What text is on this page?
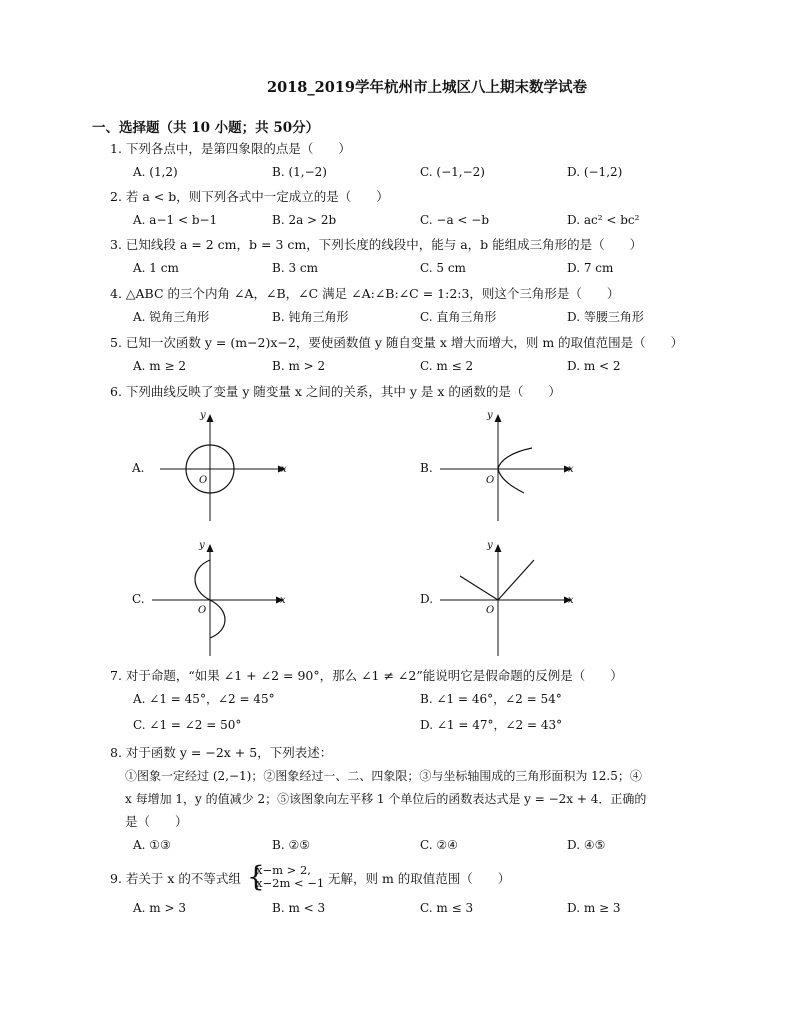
2018_2019学年杭州市上城区八上期末数学试卷
一、选择题（共 10 小题；共 50分）
1. 下列各点中，是第四象限的点是（　　）
A. (1,2)	B. (1,−2)	C. (−1,−2)	D. (−1,2)
2. 若 a < b，则下列各式中一定成立的是（　　）
A. a−1 < b−1	B. 2a > 2b	C. −a < −b	D. ac² < bc²
3. 已知线段 a = 2 cm，b = 3 cm，下列长度的线段中，能与 a，b 能组成三角形的是（　　）
A. 1 cm	B. 3 cm	C. 5 cm	D. 7 cm
4. △ABC 的三个内角 ∠A，∠B，∠C 满足 ∠A:∠B:∠C = 1:2:3，则这个三角形是（　　）
A. 锐角三角形	B. 钝角三角形	C. 直角三角形	D. 等腰三角形
5. 已知一次函数 y = (m−2)x−2，要使函数值 y 随自变量 x 增大而增大，则 m 的取值范围是（　　）
A. m ≥ 2	B. m > 2	C. m ≤ 2	D. m < 2
6. 下列曲线反映了变量 y 随变量 x 之间的关系，其中 y 是 x 的函数的是（　　）
A.	x
y
O
B.	x
y
O
C.	x
y
O
D.	x
y
O
7. 对于命题，“如果 ∠1 + ∠2 = 90°，那么 ∠1 ≠ ∠2”能说明它是假命题的反例是（　　）
A. ∠1 = 45°，∠2 = 45°	B. ∠1 = 46°，∠2 = 54°
C. ∠1 = ∠2 = 50°	D. ∠1 = 47°，∠2 = 43°
8. 对于函数 y = −2x + 5，下列表述：
①图象一定经过 (2,−1)；②图象经过一、二、四象限；③与坐标轴围成的三角形面积为 12.5；④
x 每增加 1，y 的值减少 2；⑤该图象向左平移 1 个单位后的函数表达式是 y = −2x + 4．正确的
是（　　）
A. ①③	B. ②⑤	C. ②④	D. ④⑤
9. 若关于 x 的不等式组 {
x−m > 2,
x−2m < −1 无解，则 m 的取值范围（　　）
A. m > 3	B. m < 3	C. m ≤ 3	D. m ≥ 3
